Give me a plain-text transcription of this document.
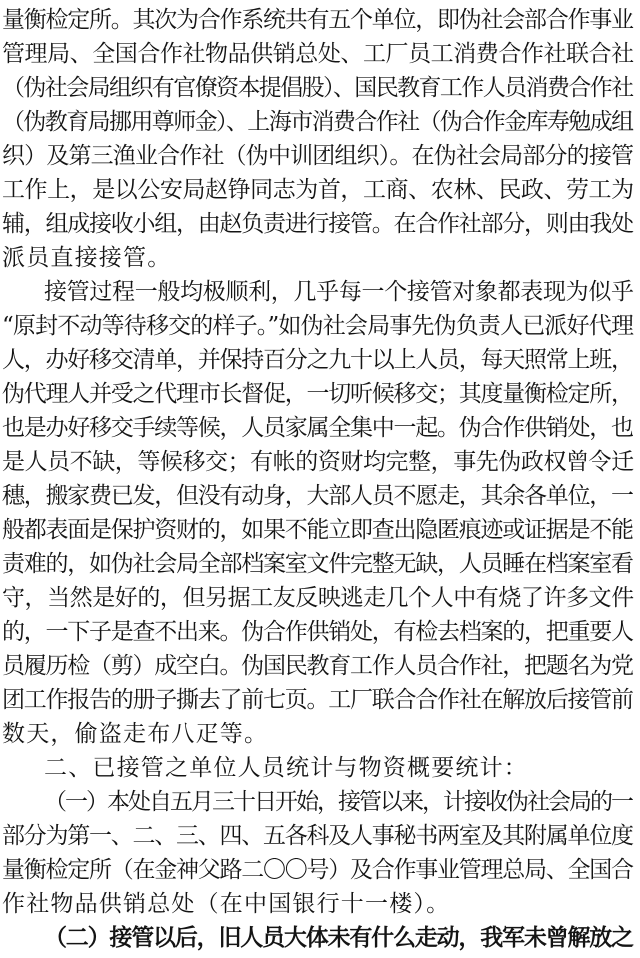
量衡检定所。其次为合作系统共有五个单位，即伪社会部合作事业
管理局、全国合作社物品供销总处、工厂员工消费合作社联合社
（伪社会局组织有官僚资本提倡股）、国民教育工作人员消费合作社
（伪教育局挪用尊师金）、上海市消费合作社（伪合作金库寿勉成组
织）及第三渔业合作社（伪中训团组织）。在伪社会局部分的接管
工作上，是以公安局赵铮同志为首，工商、农林、民政、劳工为
辅，组成接收小组，由赵负责进行接管。在合作社部分，则由我处
派员直接接管。
接管过程一般均极顺利，几乎每一个接管对象都表现为似乎
“原封不动等待移交的样子。”如伪社会局事先伪负责人已派好代理
人，办好移交清单，并保持百分之九十以上人员，每天照常上班，
伪代理人并受之代理市长督促，一切听候移交；其度量衡检定所，
也是办好移交手续等候，人员家属全集中一起。伪合作供销处，也
是人员不缺，等候移交；有帐的资财均完整，事先伪政权曾令迁
穗，搬家费已发，但没有动身，大部人员不愿走，其余各单位，一
般都表面是保护资财的，如果不能立即查出隐匿痕迹或证据是不能
责难的，如伪社会局全部档案室文件完整无缺，人员睡在档案室看
守，当然是好的，但另据工友反映逃走几个人中有烧了许多文件
的，一下子是查不出来。伪合作供销处，有检去档案的，把重要人
员履历检（剪）成空白。伪国民教育工作人员合作社，把题名为党
团工作报告的册子撕去了前七页。工厂联合合作社在解放后接管前
数天，偷盗走布八疋等。
二、已接管之单位人员统计与物资概要统计：
（一）本处自五月三十日开始，接管以来，计接收伪社会局的一
部分为第一、二、三、四、五各科及人事秘书两室及其附属单位度
量衡检定所（在金神父路二〇〇号）及合作事业管理总局、全国合
作社物品供销总处（在中国银行十一楼）。
（二）接管以后，旧人员大体未有什么走动，我军未曾解放之
